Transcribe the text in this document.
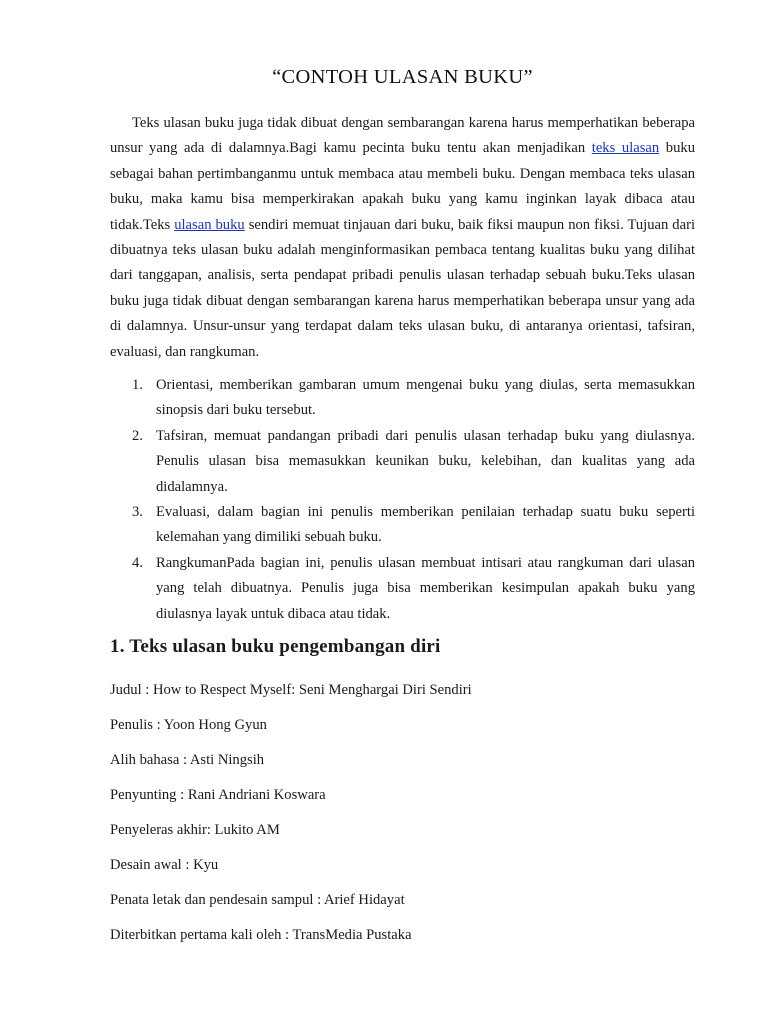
“CONTOH ULASAN BUKU”

Teks ulasan buku juga tidak dibuat dengan sembarangan karena harus memperhatikan beberapa unsur yang ada di dalamnya.Bagi kamu pecinta buku tentu akan menjadikan teks ulasan buku sebagai bahan pertimbanganmu untuk membaca atau membeli buku. Dengan membaca teks ulasan buku, maka kamu bisa memperkirakan apakah buku yang kamu inginkan layak dibaca atau tidak.Teks ulasan buku sendiri memuat tinjauan dari buku, baik fiksi maupun non fiksi. Tujuan dari dibuatnya teks ulasan buku adalah menginformasikan pembaca tentang kualitas buku yang dilihat dari tanggapan, analisis, serta pendapat pribadi penulis ulasan terhadap sebuah buku.Teks ulasan buku juga tidak dibuat dengan sembarangan karena harus memperhatikan beberapa unsur yang ada di dalamnya. Unsur-unsur yang terdapat dalam teks ulasan buku, di antaranya orientasi, tafsiran, evaluasi, dan rangkuman.

1. Orientasi, memberikan gambaran umum mengenai buku yang diulas, serta memasukkan sinopsis dari buku tersebut.
2. Tafsiran, memuat pandangan pribadi dari penulis ulasan terhadap buku yang diulasnya. Penulis ulasan bisa memasukkan keunikan buku, kelebihan, dan kualitas yang ada didalamnya.
3. Evaluasi, dalam bagian ini penulis memberikan penilaian terhadap suatu buku seperti kelemahan yang dimiliki sebuah buku.
4. RangkumanPada bagian ini, penulis ulasan membuat intisari atau rangkuman dari ulasan yang telah dibuatnya. Penulis juga bisa memberikan kesimpulan apakah buku yang diulasnya layak untuk dibaca atau tidak.
1. Teks ulasan buku pengembangan diri
Judul : How to Respect Myself: Seni Menghargai Diri Sendiri
Penulis : Yoon Hong Gyun
Alih bahasa : Asti Ningsih
Penyunting : Rani Andriani Koswara
Penyeleras akhir: Lukito AM
Desain awal : Kyu
Penata letak dan pendesain sampul : Arief Hidayat
Diterbitkan pertama kali oleh : TransMedia Pustaka
